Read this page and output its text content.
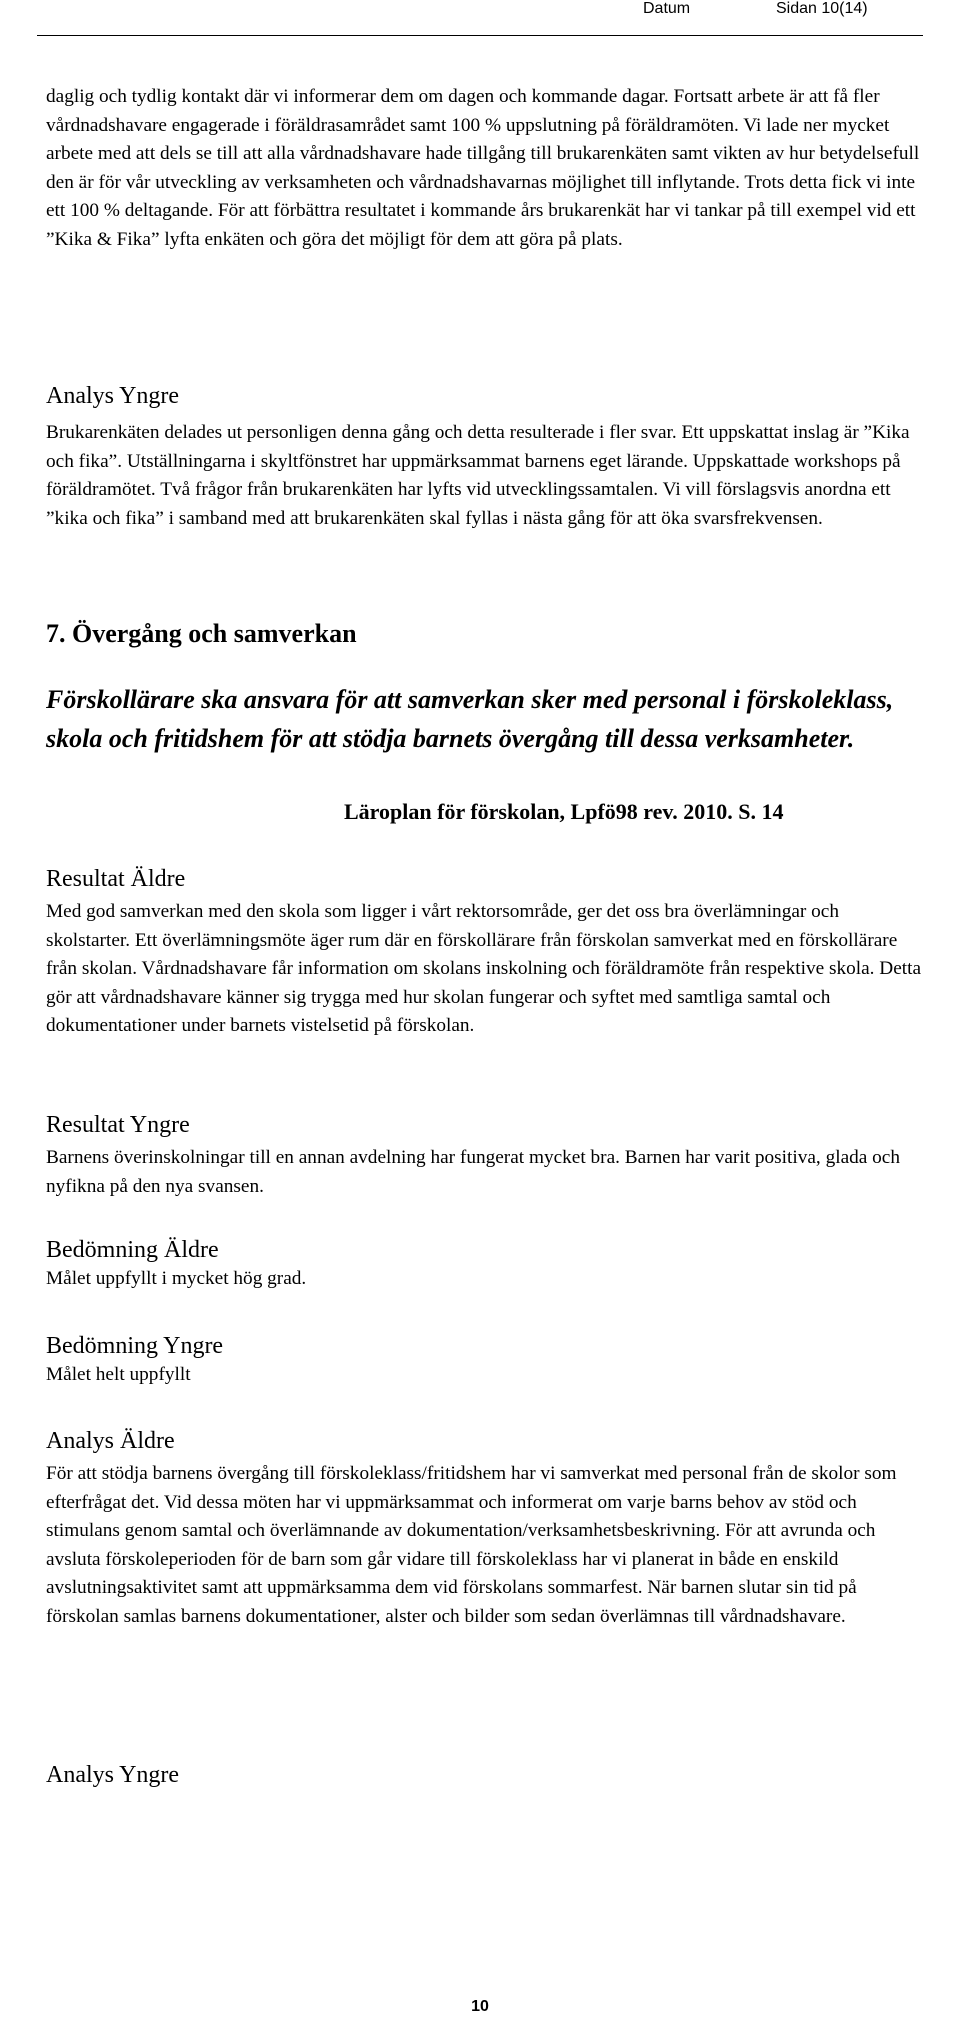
Datum	Sidan 10(14)

daglig och tydlig kontakt där vi informerar dem om dagen och kommande dagar. Fortsatt arbete är att få fler vårdnadshavare engagerade i föräldrasamrådet samt 100 % uppslutning på föräldramöten. Vi lade ner mycket arbete med att dels se till att alla vårdnadshavare hade tillgång till brukarenkäten samt vikten av hur betydelsefull den är för vår utveckling av verksamheten och vårdnadshavarnas möjlighet till inflytande. Trots detta fick vi inte ett 100 % deltagande. För att förbättra resultatet i kommande års brukarenkät har vi tankar på till exempel vid ett ”Kika & Fika” lyfta enkäten och göra det möjligt för dem att göra på plats.

Analys Yngre

Brukarenkäten delades ut personligen denna gång och detta resulterade i fler svar. Ett uppskattat inslag är ”Kika och fika”. Utställningarna i skyltfönstret har uppmärksammat barnens eget lärande. Uppskattade workshops på föräldramötet. Två frågor från brukarenkäten har lyfts vid utvecklingssamtalen. Vi vill förslagsvis anordna ett ”kika och fika” i samband med att brukarenkäten skal fyllas i nästa gång för att öka svarsfrekvensen.

7. Övergång och samverkan

Förskollärare ska ansvara för att samverkan sker med personal i förskoleklass, skola och fritidshem för att stödja barnets övergång till dessa verksamheter.

Läroplan för förskolan, Lpfö98 rev. 2010. S. 14

Resultat Äldre

Med god samverkan med den skola som ligger i vårt rektorsområde, ger det oss bra överlämningar och skolstarter. Ett överlämningsmöte äger rum där en förskollärare från förskolan samverkat med en förskollärare från skolan. Vårdnadshavare får information om skolans inskolning och föräldramöte från respektive skola. Detta gör att vårdnadshavare känner sig trygga med hur skolan fungerar och syftet med samtliga samtal och dokumentationer under barnets vistelsetid på förskolan.

Resultat Yngre

Barnens överinskolningar till en annan avdelning har fungerat mycket bra. Barnen har varit positiva, glada och nyfikna på den nya svansen.

Bedömning Äldre

Målet uppfyllt i mycket hög grad.

Bedömning Yngre

Målet helt uppfyllt

Analys Äldre

För att stödja barnens övergång till förskoleklass/fritidshem har vi samverkat med personal från de skolor som efterfrågat det. Vid dessa möten har vi uppmärksammat och informerat om varje barns behov av stöd och stimulans genom samtal och överlämnande av dokumentation/verksamhetsbeskrivning. För att avrunda och avsluta förskoleperioden för de barn som går vidare till förskoleklass har vi planerat in både en enskild avslutningsaktivitet samt att uppmärksamma dem vid förskolans sommarfest. När barnen slutar sin tid på förskolan samlas barnens dokumentationer, alster och bilder som sedan överlämnas till vårdnadshavare.

Analys Yngre
10
